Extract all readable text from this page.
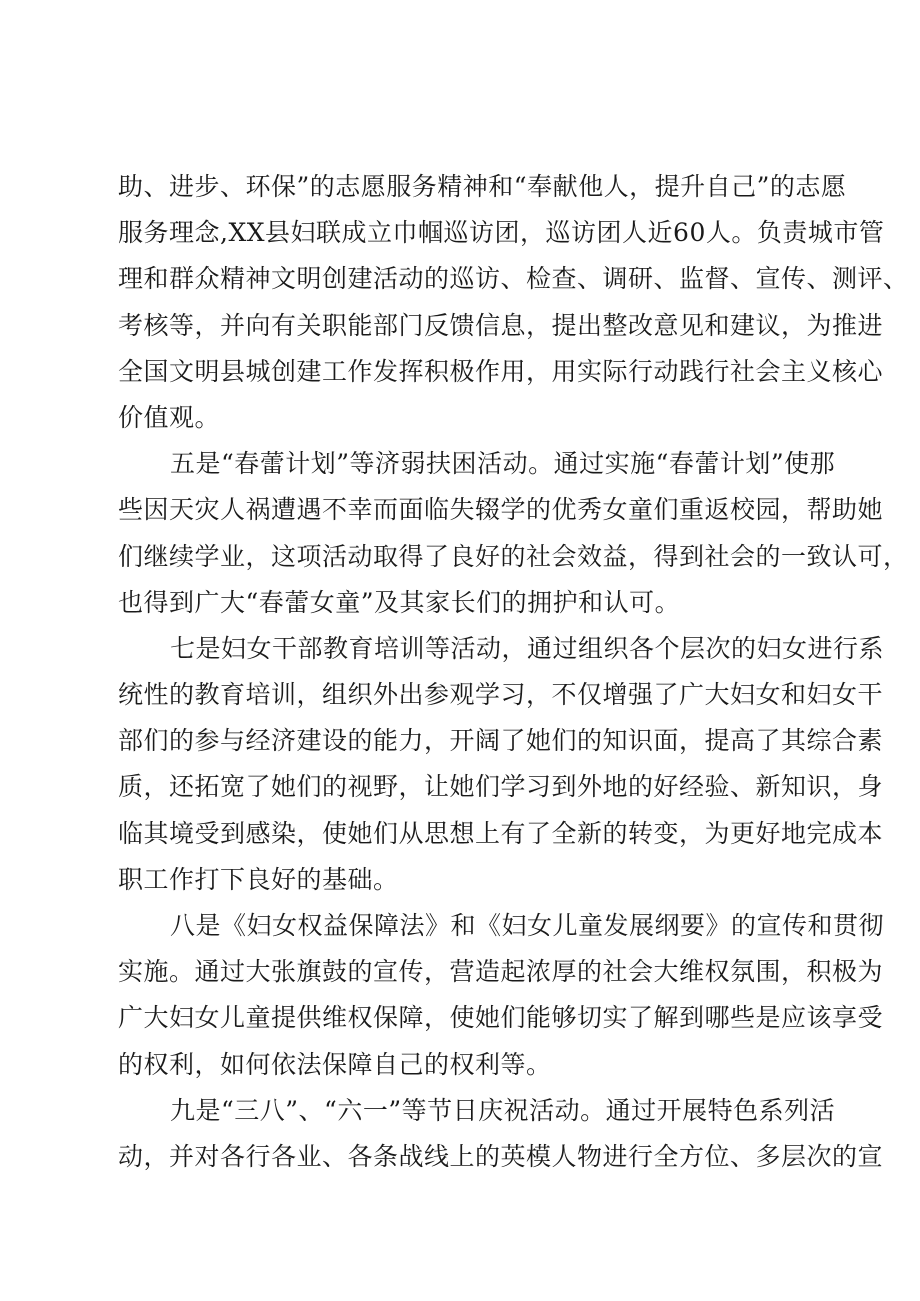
助、进步、环保”的志愿服务精神和“奉献他人，提升自己”的志愿
服务理念,XX县妇联成立巾帼巡访团，巡访团人近60人。负责城市管
理和群众精神文明创建活动的巡访、检查、调研、监督、宣传、测评、
考核等，并向有关职能部门反馈信息，提出整改意见和建议，为推进
全国文明县城创建工作发挥积极作用，用实际行动践行社会主义核心
价值观。
五是“春蕾计划”等济弱扶困活动。通过实施“春蕾计划”使那
些因天灾人祸遭遇不幸而面临失辍学的优秀女童们重返校园，帮助她
们继续学业，这项活动取得了良好的社会效益，得到社会的一致认可，
也得到广大“春蕾女童”及其家长们的拥护和认可。
七是妇女干部教育培训等活动，通过组织各个层次的妇女进行系
统性的教育培训，组织外出参观学习，不仅增强了广大妇女和妇女干
部们的参与经济建设的能力，开阔了她们的知识面，提高了其综合素
质，还拓宽了她们的视野，让她们学习到外地的好经验、新知识，身
临其境受到感染，使她们从思想上有了全新的转变，为更好地完成本
职工作打下良好的基础。
八是《妇女权益保障法》和《妇女儿童发展纲要》的宣传和贯彻
实施。通过大张旗鼓的宣传，营造起浓厚的社会大维权氛围，积极为
广大妇女儿童提供维权保障，使她们能够切实了解到哪些是应该享受
的权利，如何依法保障自己的权利等。
九是“三八”、“六一”等节日庆祝活动。通过开展特色系列活
动，并对各行各业、各条战线上的英模人物进行全方位、多层次的宣
